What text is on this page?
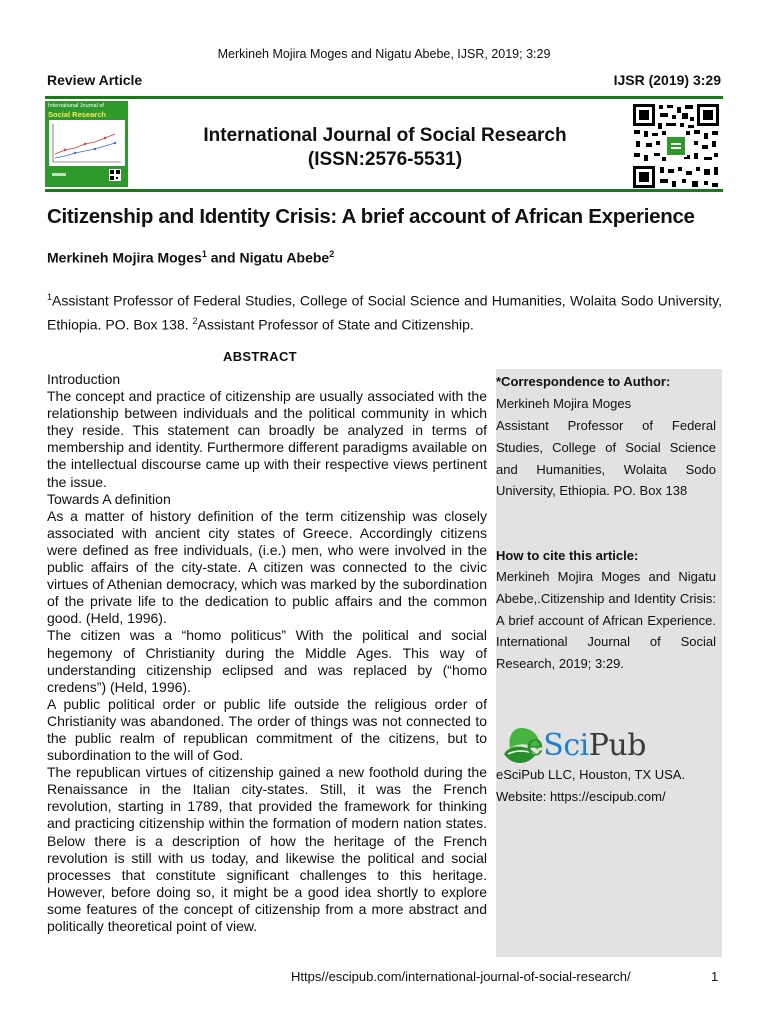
Merkineh Mojira Moges and Nigatu Abebe, IJSR, 2019; 3:29
Review Article	IJSR (2019) 3:29
International Journal of
Social Research
International Journal of Social Research
(ISSN:2576-5531)
Citizenship and Identity Crisis: A brief account of African Experience
Merkineh Mojira Moges$^1$ and Nigatu Abebe$^2$
$^1$Assistant Professor of Federal Studies, College of Social Science and Humanities, Wolaita Sodo University, Ethiopia. PO. Box 138. $^2$Assistant Professor of State and Citizenship.
ABSTRACT

Introduction

The concept and practice of citizenship are usually associated with the relationship between individuals and the political community in which they reside. This statement can broadly be analyzed in terms of membership and identity. Furthermore different paradigms available on the intellectual discourse came up with their respective views pertinent the issue.

Towards A definition

As a matter of history definition of the term citizenship was closely associated with ancient city states of Greece. Accordingly citizens were defined as free individuals, (i.e.) men, who were involved in the public affairs of the city-state. A citizen was connected to the civic virtues of Athenian democracy, which was marked by the subordination of the private life to the dedication to public affairs and the common good. (Held, 1996).

The citizen was a “homo politicus” With the political and social hegemony of Christianity during the Middle Ages. This way of understanding citizenship eclipsed and was replaced by (“homo credens”) (Held, 1996).

A public political order or public life outside the religious order of Christianity was abandoned. The order of things was not connected to the public realm of republican commitment of the citizens, but to subordination to the will of God.

The republican virtues of citizenship gained a new foothold during the Renaissance in the Italian city-states. Still, it was the French revolution, starting in 1789, that provided the framework for thinking and practicing citizenship within the formation of modern nation states. Below there is a description of how the heritage of the French revolution is still with us today, and likewise the political and social processes that constitute significant challenges to this heritage. However, before doing so, it might be a good idea shortly to explore some features of the concept of citizenship from a more abstract and politically theoretical point of view.

*Correspondence to Author:
Merkineh Mojira Moges
Assistant Professor of Federal Studies, College of Social Science and Humanities, Wolaita Sodo University, Ethiopia. PO. Box 138
How to cite this article:
Merkineh Mojira Moges and Nigatu Abebe,.Citizenship and Identity Crisis: A brief account of African Experience. International Journal of Social Research, 2019; 3:29.
eSciPub LLC, Houston, TX USA.
Website: https://escipub.com/
eSciPub
Https//escipub.com/international-journal-of-social-research/	1
